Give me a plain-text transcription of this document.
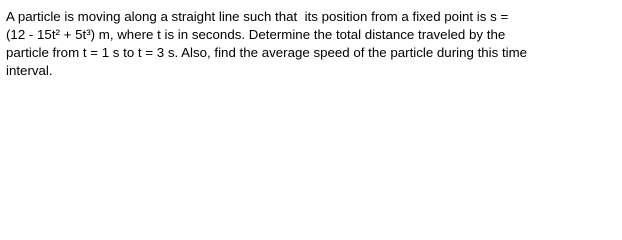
A particle is moving along a straight line such that  its position from a fixed point is s =
(12 - 15t² + 5t³) m, where t is in seconds. Determine the total distance traveled by the
particle from t = 1 s to t = 3 s. Also, find the average speed of the particle during this time
interval.
